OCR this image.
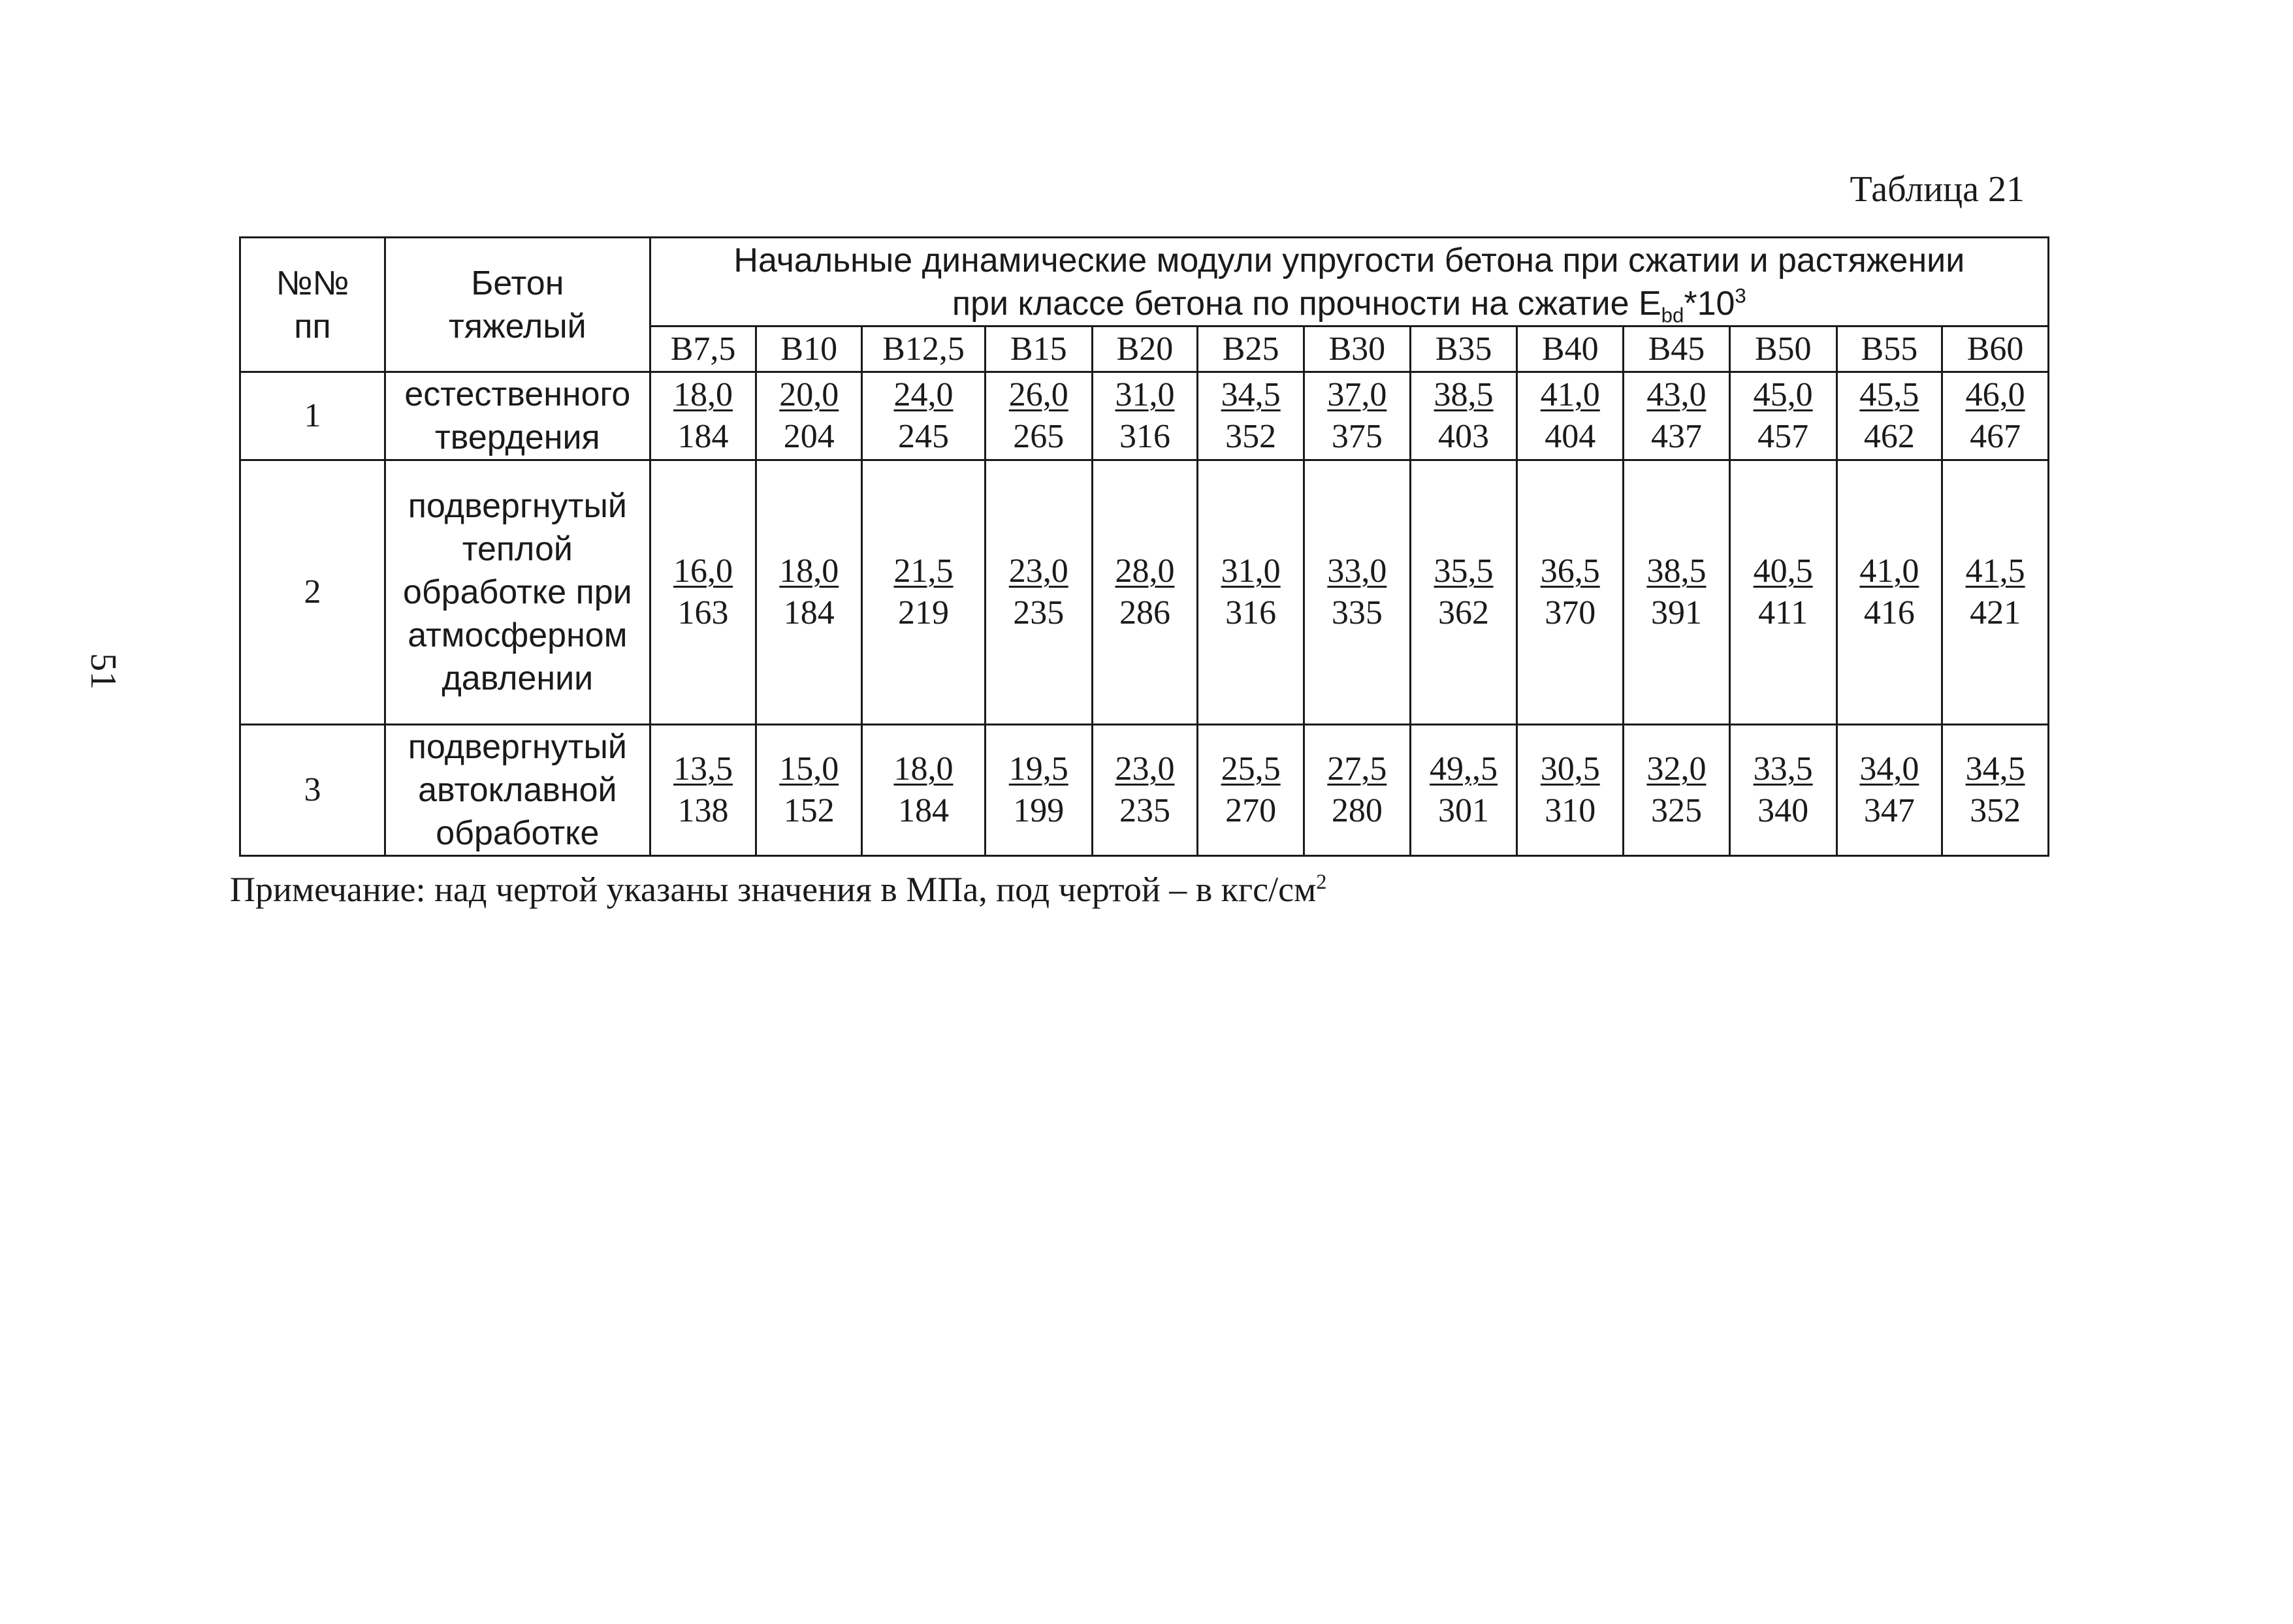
51
Таблица 21
№№ пп	Бетон тяжелый	Начальные динамические модули упругости бетона при сжатии и растяжении
при классе бетона по прочности на сжатие $E_{bd}*10^3$

		B7,5	B10	B12,5	B15	B20	B25	B30	B35	B40	B45	B50	B55	B60
1	естественного твердения	$\frac{18,0}{184}$	$\frac{20,0}{204}$	$\frac{24,0}{245}$	$\frac{26,0}{265}$	$\frac{31,0}{316}$	$\frac{34,5}{352}$	$\frac{37,0}{375}$	$\frac{38,5}{403}$	$\frac{41,0}{404}$	$\frac{43,0}{437}$	$\frac{45,0}{457}$	$\frac{45,5}{462}$	$\frac{46,0}{467}$

2	подвергнутый теплой обработке при атмосферном давлении	$\frac{16,0}{163}$	$\frac{18,0}{184}$	$\frac{21,5}{219}$	$\frac{23,0}{235}$	$\frac{28,0}{286}$	$\frac{31,0}{316}$	$\frac{33,0}{335}$	$\frac{35,5}{362}$	$\frac{36,5}{370}$	$\frac{38,5}{391}$	$\frac{40,5}{411}$	$\frac{41,0}{416}$	$\frac{41,5}{421}$

3	подвергнутый автоклавной обработке	$\frac{13,5}{138}$	$\frac{15,0}{152}$	$\frac{18,0}{184}$	$\frac{19,5}{199}$	$\frac{23,0}{235}$	$\frac{25,5}{270}$	$\frac{27,5}{280}$	$\frac{49,,5}{301}$	$\frac{30,5}{310}$	$\frac{32,0}{325}$	$\frac{33,5}{340}$	$\frac{34,0}{347}$	$\frac{34,5}{352}$
Примечание: над чертой указаны значения в МПа, под чертой – в кгс/$см^2$
